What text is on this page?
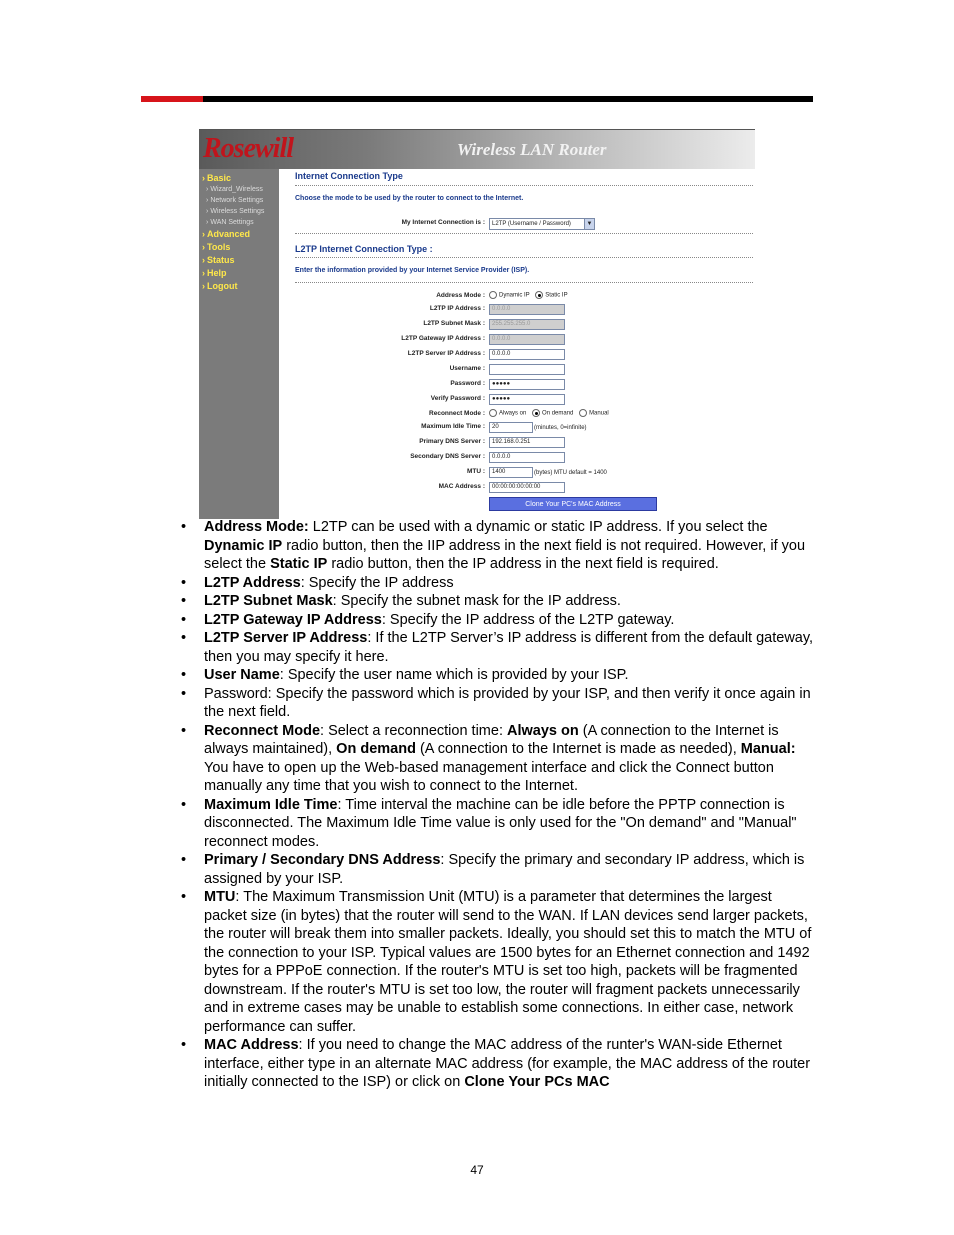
Rosewill	Wireless LAN Router
› Basic
› Wizard_Wireless
› Network Settings
› Wireless Settings
› WAN Settings
› Advanced
› Tools
› Status
› Help
› Logout
Internet Connection Type
Choose the mode to be used by the router to connect to the Internet.
My Internet Connection is :	L2TP (Username / Password)	▼
L2TP Internet Connection Type :
Enter the information provided by your Internet Service Provider (ISP).
Address Mode :	Dynamic IP	Static IP
L2TP IP Address :	0.0.0.0
L2TP Subnet Mask :	255.255.255.0
L2TP Gateway IP Address :	0.0.0.0
L2TP Server IP Address :	0.0.0.0
Username :
Password :	●●●●●
Verify Password :	●●●●●
Reconnect Mode :	Always on	On demand	Manual
Maximum Idle Time :	20	(minutes, 0=infinite)
Primary DNS Server :	192.168.0.251
Secondary DNS Server :	0.0.0.0
MTU :	1400	(bytes) MTU default = 1400
MAC Address :	00:00:00:00:00:00
Clone Your PC's MAC Address
• Address Mode: L2TP can be used with a dynamic or static IP address. If you select the Dynamic IP radio button, then the IIP address in the next field is not required. However, if you select the Static IP radio button, then the IP address in the next field is required.
• L2TP Address: Specify the IP address
• L2TP Subnet Mask: Specify the subnet mask for the IP address.
• L2TP Gateway IP Address: Specify the IP address of the L2TP gateway.
• L2TP Server IP Address: If the L2TP Server’s IP address is different from the default gateway, then you may specify it here.
• User Name: Specify the user name which is provided by your ISP.
• Password: Specify the password which is provided by your ISP, and then verify it once again in the next field.
• Reconnect Mode: Select a reconnection time: Always on (A connection to the Internet is always maintained), On demand (A connection to the Internet is made as needed), Manual: You have to open up the Web-based management interface and click the Connect button manually any time that you wish to connect to the Internet.
• Maximum Idle Time: Time interval the machine can be idle before the PPTP connection is disconnected. The Maximum Idle Time value is only used for the "On demand" and "Manual" reconnect modes.
• Primary / Secondary DNS Address: Specify the primary and secondary IP address, which is assigned by your ISP.
• MTU: The Maximum Transmission Unit (MTU) is a parameter that determines the largest packet size (in bytes) that the router will send to the WAN. If LAN devices send larger packets, the router will break them into smaller packets. Ideally, you should set this to match the MTU of the connection to your ISP. Typical values are 1500 bytes for an Ethernet connection and 1492 bytes for a PPPoE connection. If the router's MTU is set too high, packets will be fragmented downstream. If the router's MTU is set too low, the router will fragment packets unnecessarily and in extreme cases may be unable to establish some connections. In either case, network performance can suffer.
• MAC Address: If you need to change the MAC address of the runter's WAN-side Ethernet interface, either type in an alternate MAC address (for example, the MAC address of the router initially connected to the ISP) or click on Clone Your PCs MAC
47
